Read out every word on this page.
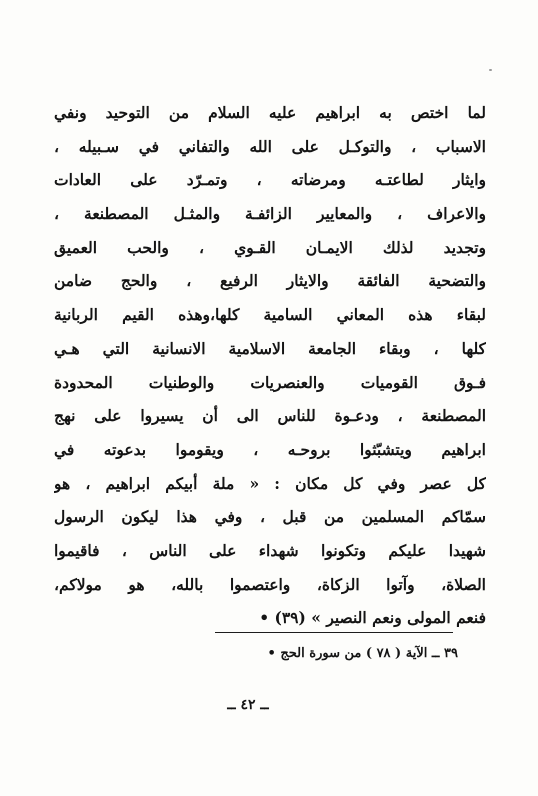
لما اختص به ابراهيم عليه السلام من التوحيد ونفي
الاسباب ، والتوكـل على الله والتفاني في سـبيله ،
وايثار لطاعتـه ومرضاته ، وتمـرّد على العادات
والاعراف ، والمعايير الزائفـة والمثـل المصطنعة ،
وتجديد لذلك الايمـان القـوي ، والحب العميق
والتضحية الفائقة والايثار الرفيع ، والحج ضامن
لبقاء هذه المعاني السامية كلها،وهذه القيم الربانية
كلها ، وبقاء الجامعة الاسلامية الانسانية التي هـي
فـوق القوميات والعنصريات والوطنيات المحدودة
المصطنعة ، ودعـوة للناس الى أن يسيروا على نهج
ابراهيم ويتشبّثوا بروحـه ، ويقوموا بدعوته في
كل عصر وفي كل مكان : « ملة أبيكم ابراهيم ، هو
سمّاكم المسلمين من قبل ، وفي هذا ليكون الرسول
شهيدا عليكم وتكونوا شهداء على الناس ، فاقيموا
الصلاة، وآتوا الزكاة، واعتصموا بالله، هو مولاكم،
فنعم المولى ونعم النصير » (٣٩) •
٣٩ ــ الآية ( ٧٨ ) من سورة الحج •
ــ ٤٢ ــ
